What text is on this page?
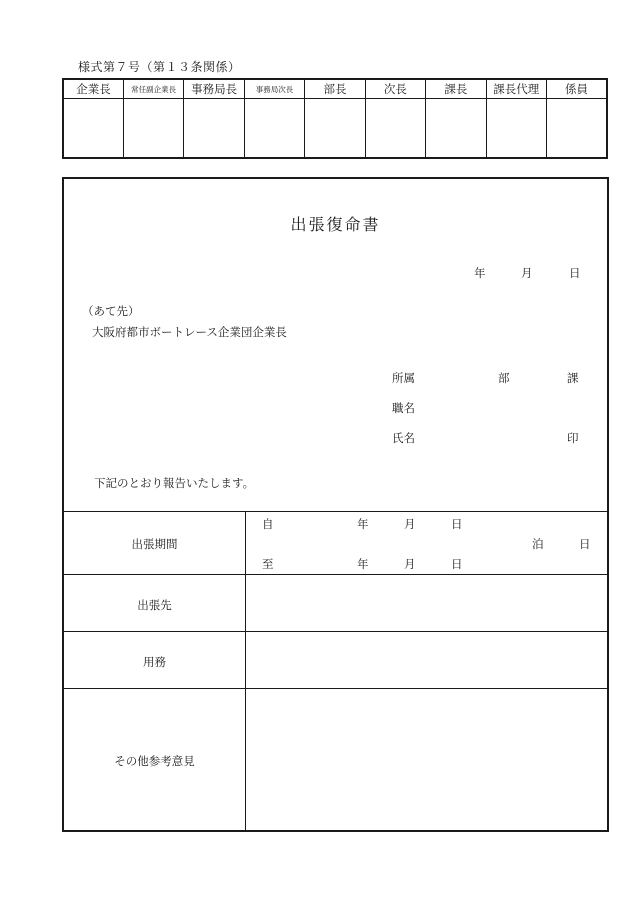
様式第７号（第１３条関係）
企業長	常任副企業長	事務局長	事務局次長	部長	次長	課長	課長代理	係員

出張復命書
年	月	日
（あて先）
大阪府都市ボートレース企業団企業長
所属	部	課
職名
氏名	印
下記のとおり報告いたします。
出張期間
自	年	月	日
泊	日
至	年	月	日
出張先
用務
その他参考意見
